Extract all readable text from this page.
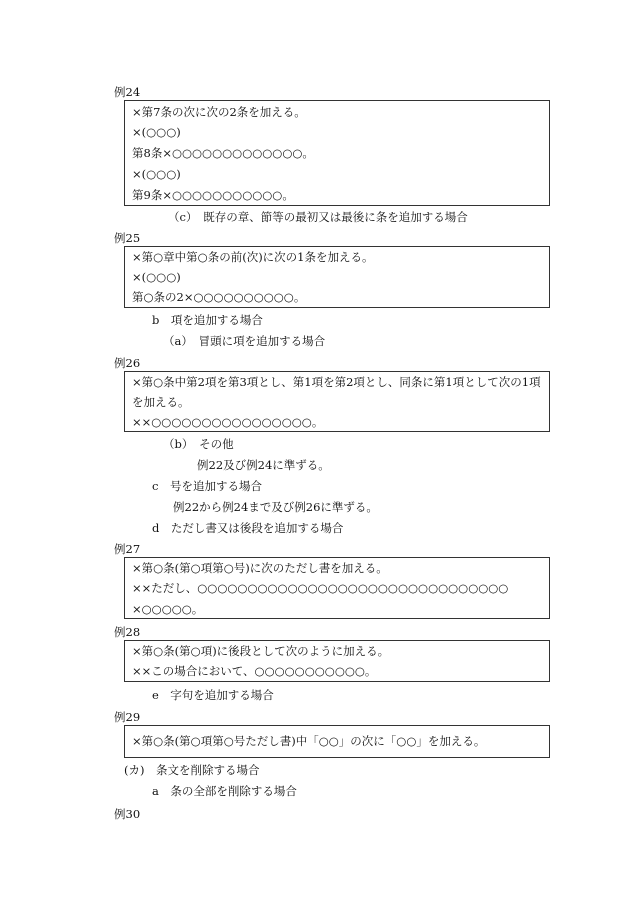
例24
×第7条の次に次の2条を加える。
×(○○○)
第8条×○○○○○○○○○○○○○。
×(○○○)
第9条×○○○○○○○○○○○。
（c）　既存の章、節等の最初又は最後に条を追加する場合
例25
×第○章中第○条の前(次)に次の1条を加える。
×(○○○)
第○条の2×○○○○○○○○○○。
b　項を追加する場合
（a）　冒頭に項を追加する場合
例26
×第○条中第2項を第3項とし、第1項を第2項とし、同条に第1項として次の1項
を加える。
××○○○○○○○○○○○○○○○○。
（b）　その他
例22及び例24に準ずる。
c　号を追加する場合
例22から例24まで及び例26に準ずる。
d　ただし書又は後段を追加する場合
例27
×第○条(第○項第○号)に次のただし書を加える。
××ただし、○○○○○○○○○○○○○○○○○○○○○○○○○○○○○○○
×○○○○○。
例28
×第○条(第○項)に後段として次のように加える。
××この場合において、○○○○○○○○○○○。
e　字句を追加する場合
例29
×第○条(第○項第○号ただし書)中「○○」の次に「○○」を加える。
(カ)　条文を削除する場合
a　条の全部を削除する場合
例30
